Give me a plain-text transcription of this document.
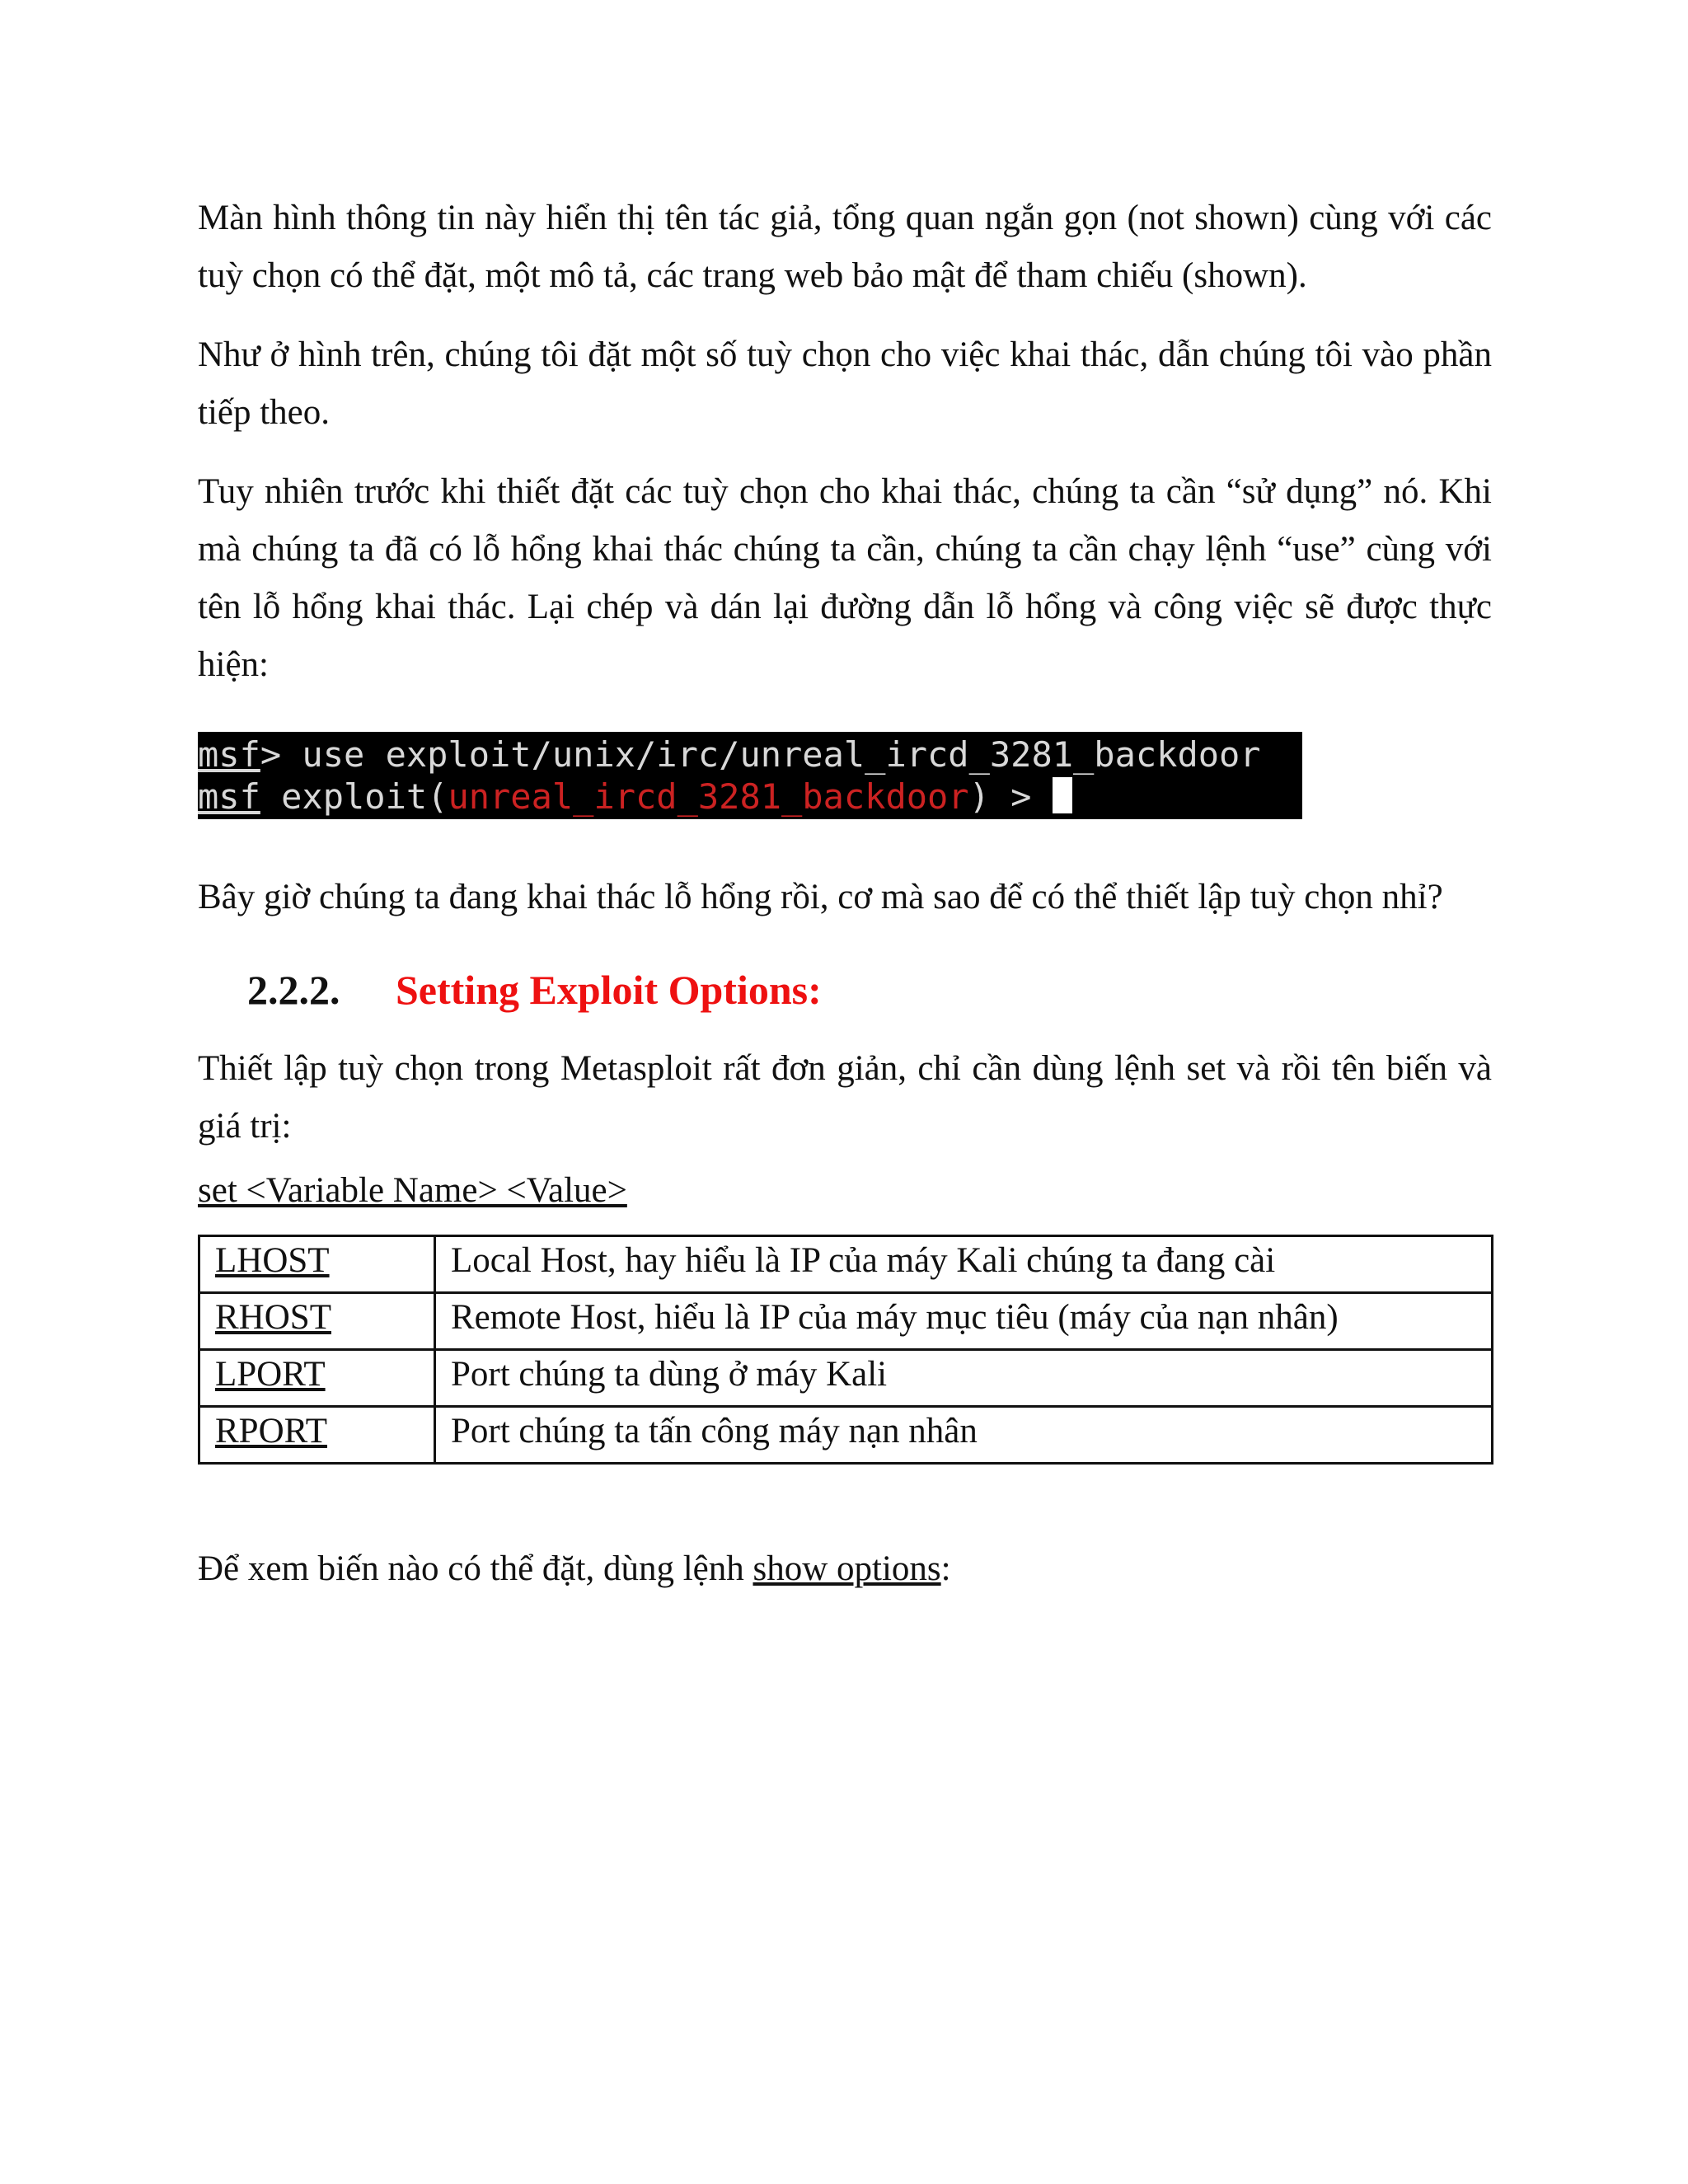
Màn hình thông tin này hiển thị tên tác giả, tổng quan ngắn gọn (not shown) cùng với các tuỳ chọn có thể đặt, một mô tả, các trang web bảo mật để tham chiếu (shown).

Như ở hình trên, chúng tôi đặt một số tuỳ chọn cho việc khai thác, dẫn chúng tôi vào phần tiếp theo.

Tuy nhiên trước khi thiết đặt các tuỳ chọn cho khai thác, chúng ta cần “sử dụng” nó. Khi mà chúng ta đã có lỗ hổng khai thác chúng ta cần, chúng ta cần chạy lệnh “use” cùng với tên lỗ hổng khai thác. Lại chép và dán lại đường dẫn lỗ hổng và công việc sẽ được thực hiện:

msf> use exploit/unix/irc/unreal_ircd_3281_backdoor
msf exploit(unreal_ircd_3281_backdoor) >

Bây giờ chúng ta đang khai thác lỗ hổng rồi, cơ mà sao để có thể thiết lập tuỳ chọn nhỉ?

2.2.2. Setting Exploit Options:

Thiết lập tuỳ chọn trong Metasploit rất đơn giản, chỉ cần dùng lệnh set và rồi tên biến và giá trị:

set <Variable Name> <Value>
LHOST	Local Host, hay hiểu là IP của máy Kali chúng ta đang cài
RHOST	Remote Host, hiểu là IP của máy mục tiêu (máy của nạn nhân)
LPORT	Port chúng ta dùng ở máy Kali
RPORT	Port chúng ta tấn công máy nạn nhân
Để xem biến nào có thể đặt, dùng lệnh show options:
